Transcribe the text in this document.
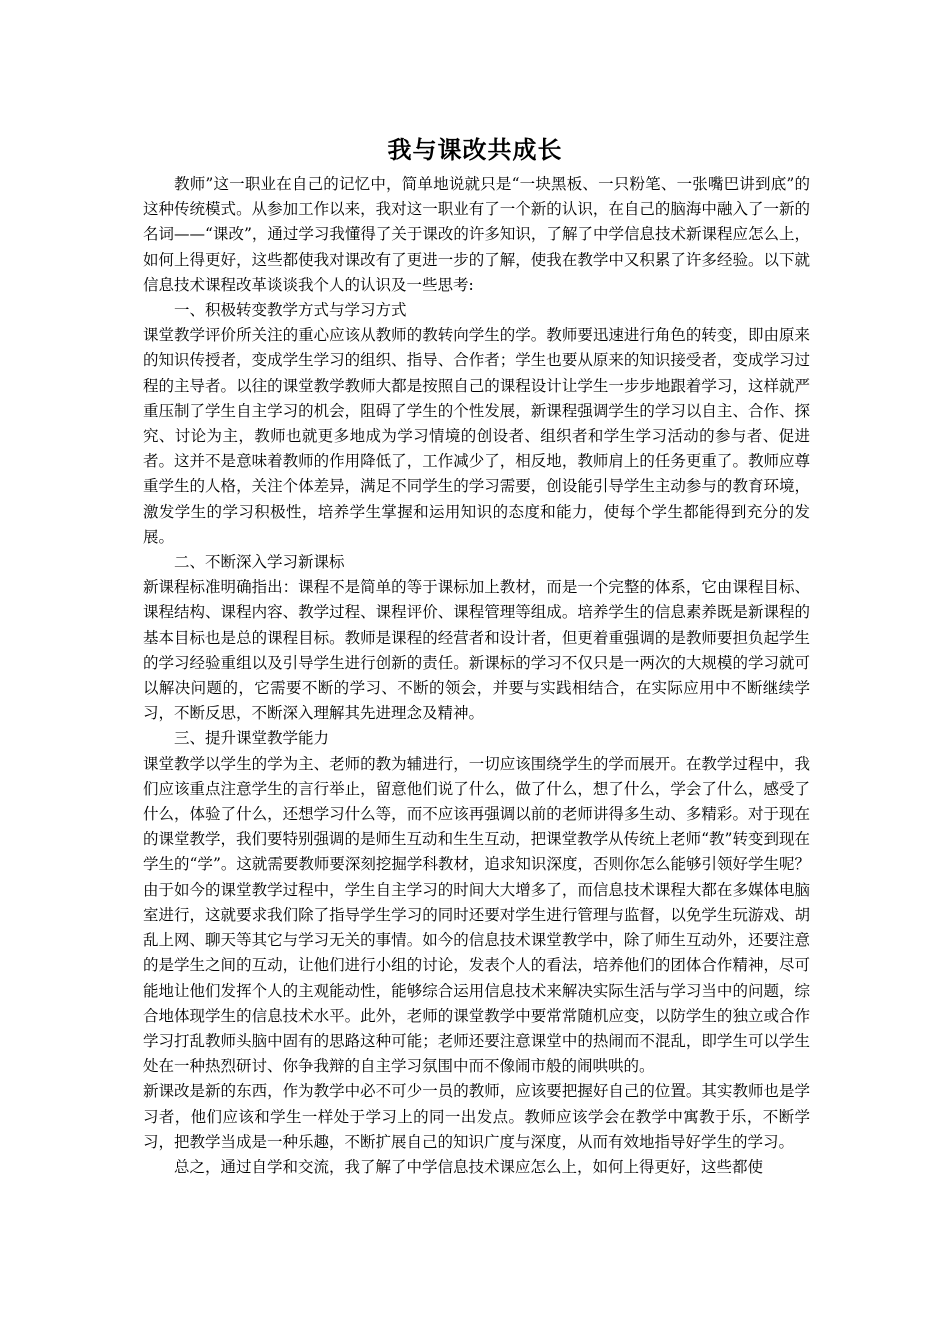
我与课改共成长

教师”这一职业在自己的记忆中，简单地说就只是“一块黑板、一只粉笔、一张嘴巴讲到底”的这种传统模式。从参加工作以来，我对这一职业有了一个新的认识，在自己的脑海中融入了一新的名词——“课改”，通过学习我懂得了关于课改的许多知识，了解了中学信息技术新课程应怎么上，如何上得更好，这些都使我对课改有了更进一步的了解，使我在教学中又积累了许多经验。以下就信息技术课程改革谈谈我个人的认识及一些思考:

一、积极转变教学方式与学习方式

课堂教学评价所关注的重心应该从教师的教转向学生的学。教师要迅速进行角色的转变，即由原来的知识传授者，变成学生学习的组织、指导、合作者；学生也要从原来的知识接受者，变成学习过程的主导者。以往的课堂教学教师大都是按照自己的课程设计让学生一步步地跟着学习，这样就严重压制了学生自主学习的机会，阻碍了学生的个性发展，新课程强调学生的学习以自主、合作、探究、讨论为主，教师也就更多地成为学习情境的创设者、组织者和学生学习活动的参与者、促进者。这并不是意味着教师的作用降低了，工作减少了，相反地，教师肩上的任务更重了。教师应尊重学生的人格，关注个体差异，满足不同学生的学习需要，创设能引导学生主动参与的教育环境，激发学生的学习积极性，培养学生掌握和运用知识的态度和能力，使每个学生都能得到充分的发展。

二、不断深入学习新课标

新课程标准明确指出：课程不是简单的等于课标加上教材，而是一个完整的体系，它由课程目标、课程结构、课程内容、教学过程、课程评价、课程管理等组成。培养学生的信息素养既是新课程的基本目标也是总的课程目标。教师是课程的经营者和设计者，但更着重强调的是教师要担负起学生的学习经验重组以及引导学生进行创新的责任。新课标的学习不仅只是一两次的大规模的学习就可以解决问题的，它需要不断的学习、不断的领会，并要与实践相结合，在实际应用中不断继续学习，不断反思，不断深入理解其先进理念及精神。

三、提升课堂教学能力

课堂教学以学生的学为主、老师的教为辅进行，一切应该围绕学生的学而展开。在教学过程中，我们应该重点注意学生的言行举止，留意他们说了什么，做了什么，想了什么，学会了什么，感受了什么，体验了什么，还想学习什么等，而不应该再强调以前的老师讲得多生动、多精彩。对于现在的课堂教学，我们要特别强调的是师生互动和生生互动，把课堂教学从传统上老师“教”转变到现在学生的“学”。这就需要教师要深刻挖掘学科教材，追求知识深度，否则你怎么能够引领好学生呢？由于如今的课堂教学过程中，学生自主学习的时间大大增多了，而信息技术课程大都在多媒体电脑室进行，这就要求我们除了指导学生学习的同时还要对学生进行管理与监督，以免学生玩游戏、胡乱上网、聊天等其它与学习无关的事情。如今的信息技术课堂教学中，除了师生互动外，还要注意的是学生之间的互动，让他们进行小组的讨论，发表个人的看法，培养他们的团体合作精神，尽可能地让他们发挥个人的主观能动性，能够综合运用信息技术来解决实际生活与学习当中的问题，综合地体现学生的信息技术水平。此外，老师的课堂教学中要常常随机应变，以防学生的独立或合作学习打乱教师头脑中固有的思路这种可能；老师还要注意课堂中的热闹而不混乱，即学生可以学生处在一种热烈研讨、你争我辩的自主学习氛围中而不像闹市般的闹哄哄的。

新课改是新的东西，作为教学中必不可少一员的教师，应该要把握好自己的位置。其实教师也是学习者，他们应该和学生一样处于学习上的同一出发点。教师应该学会在教学中寓教于乐，不断学习，把教学当成是一种乐趣，不断扩展自己的知识广度与深度，从而有效地指导好学生的学习。

总之，通过自学和交流，我了解了中学信息技术课应怎么上，如何上得更好，这些都使
